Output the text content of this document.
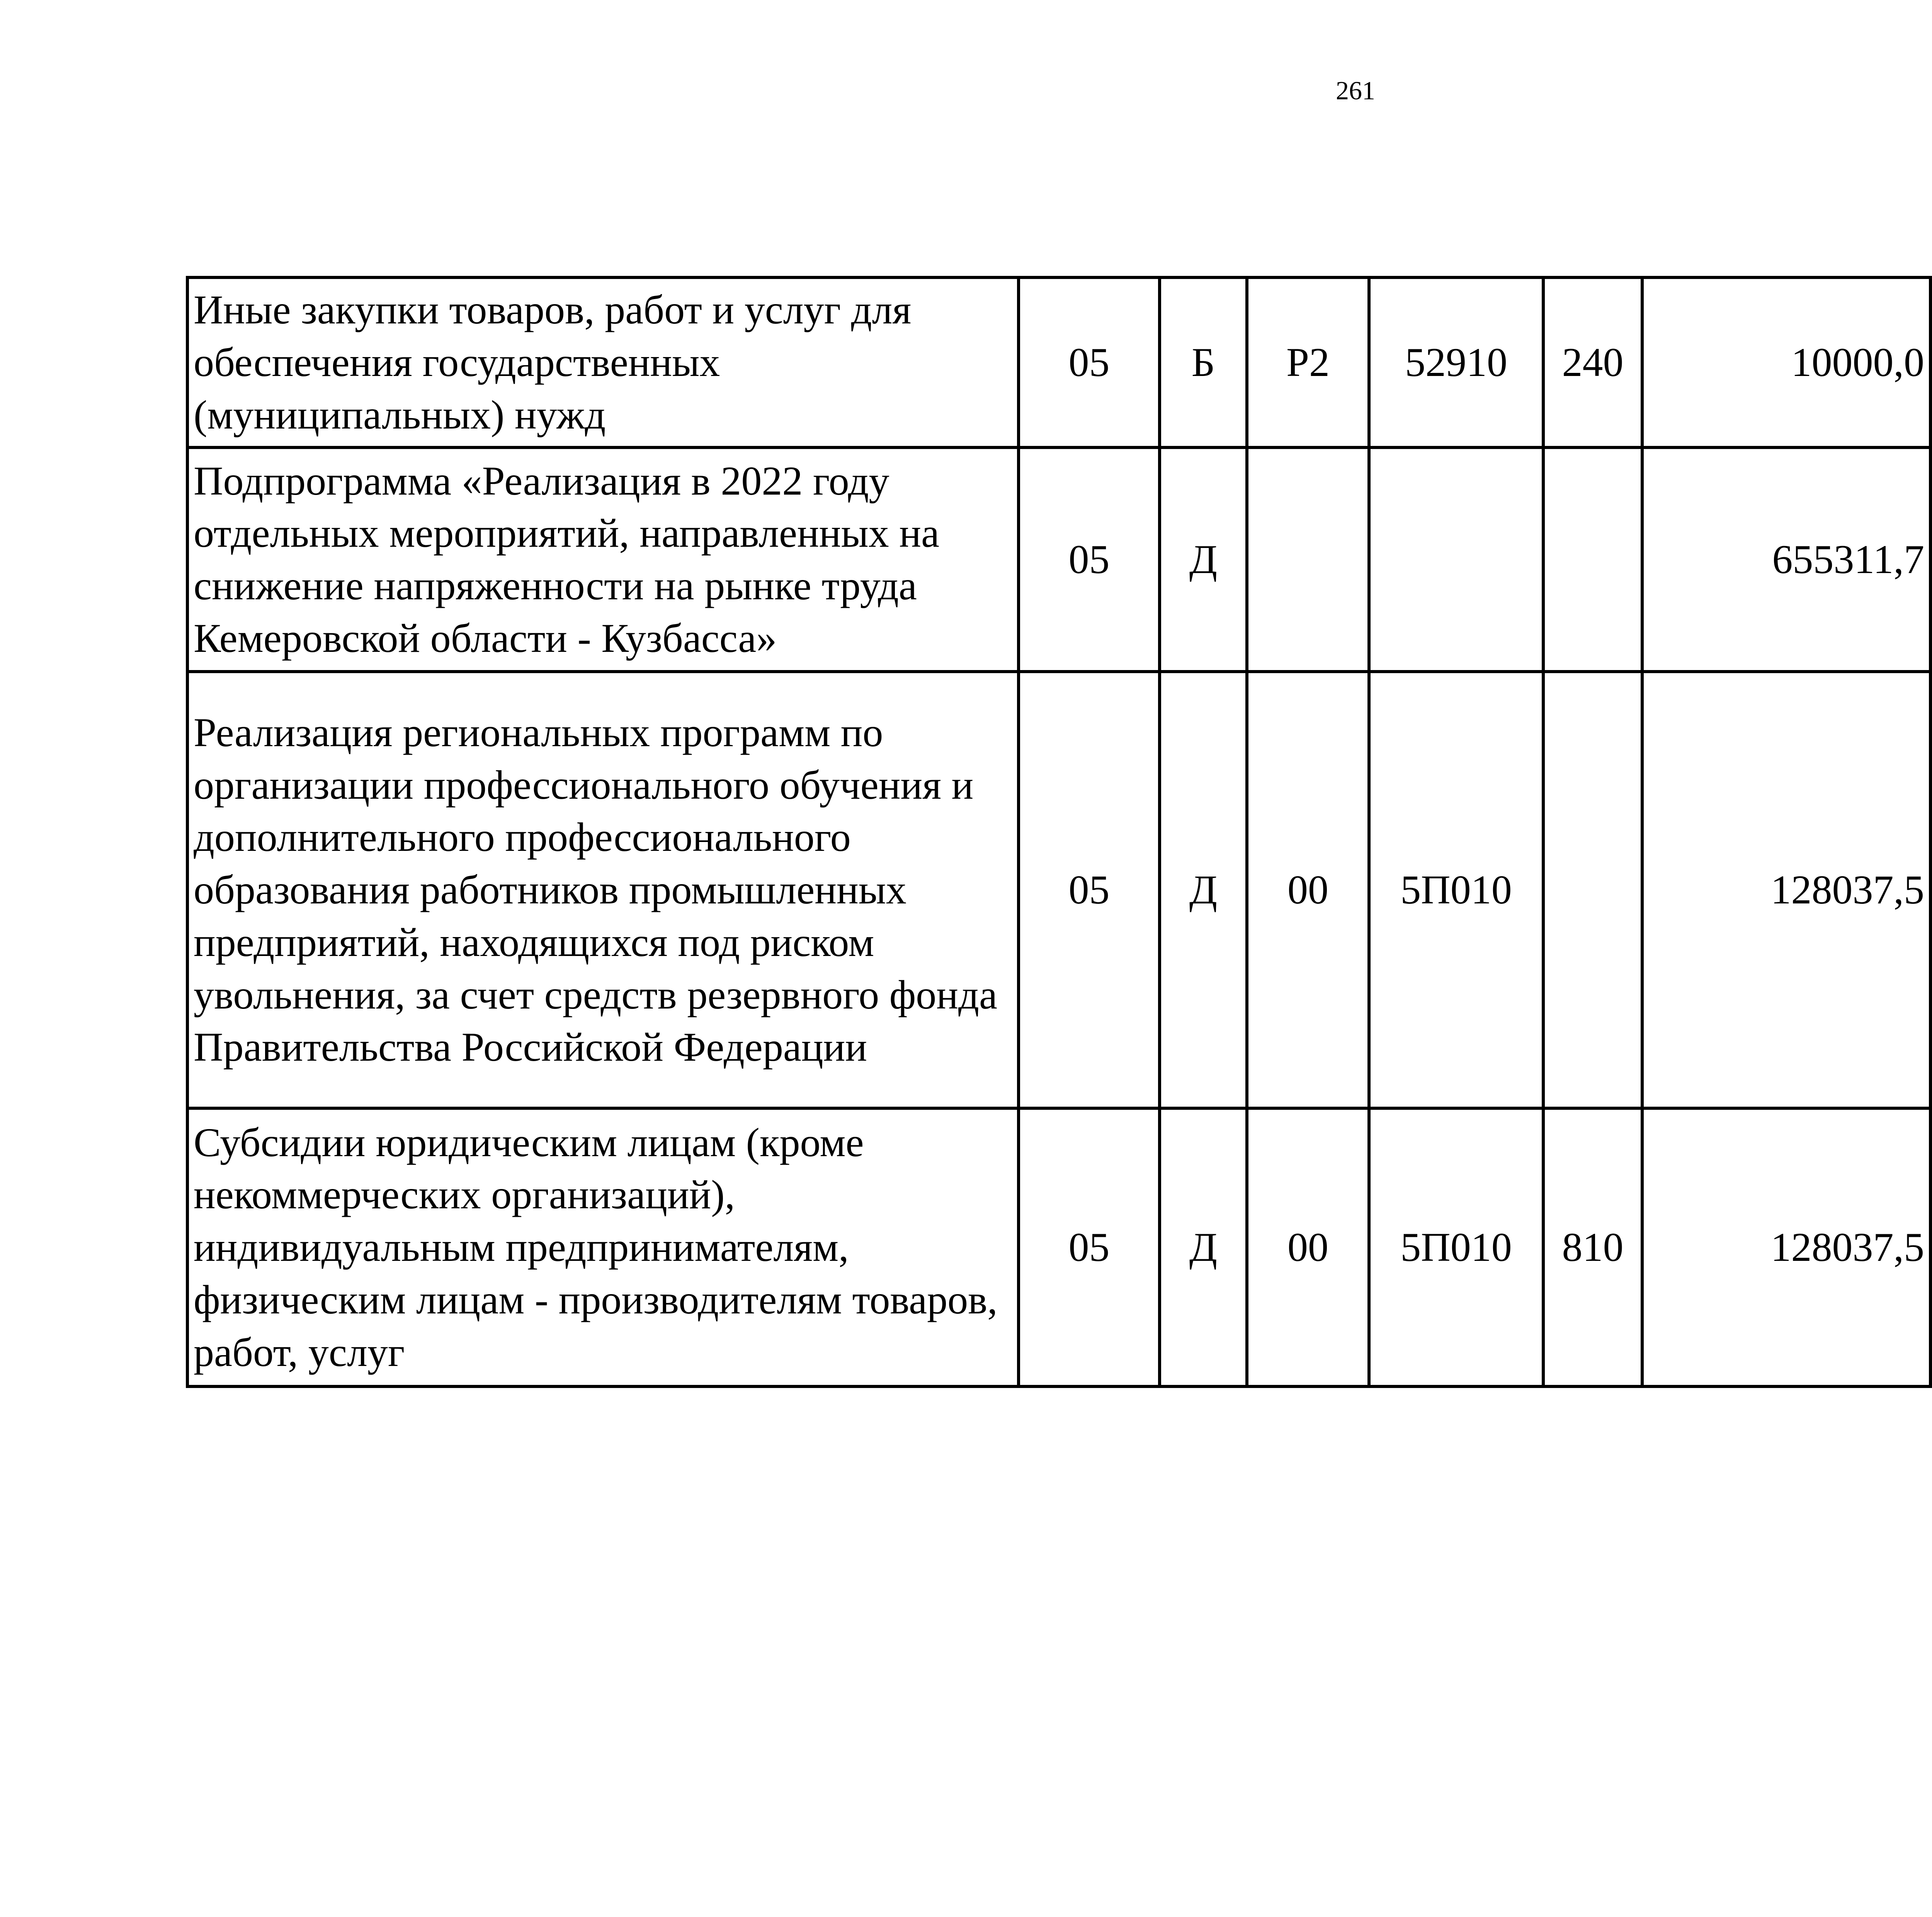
261
Иные закупки товаров, работ и услуг для обеспечения государственных (муниципальных) нужд	05	Б	Р2	52910	240	10000,0		
Подпрограмма «Реализация в 2022 году отдельных мероприятий, направленных на снижение напряженности на рынке труда Кемеровской области - Кузбасса»	05	Д				655311,7		
Реализация региональных программ по организации профессионального обучения и дополнительного профессионального образования работников промышленных предприятий, находящихся под риском увольнения, за счет средств резервного фонда Правительства Российской Федерации	05	Д	00	5П010		128037,5		
Субсидии юридическим лицам (кроме некоммерческих организаций), индивидуальным предпринимателям, физическим лицам - производителям товаров, работ, услуг	05	Д	00	5П010	810	128037,5		
